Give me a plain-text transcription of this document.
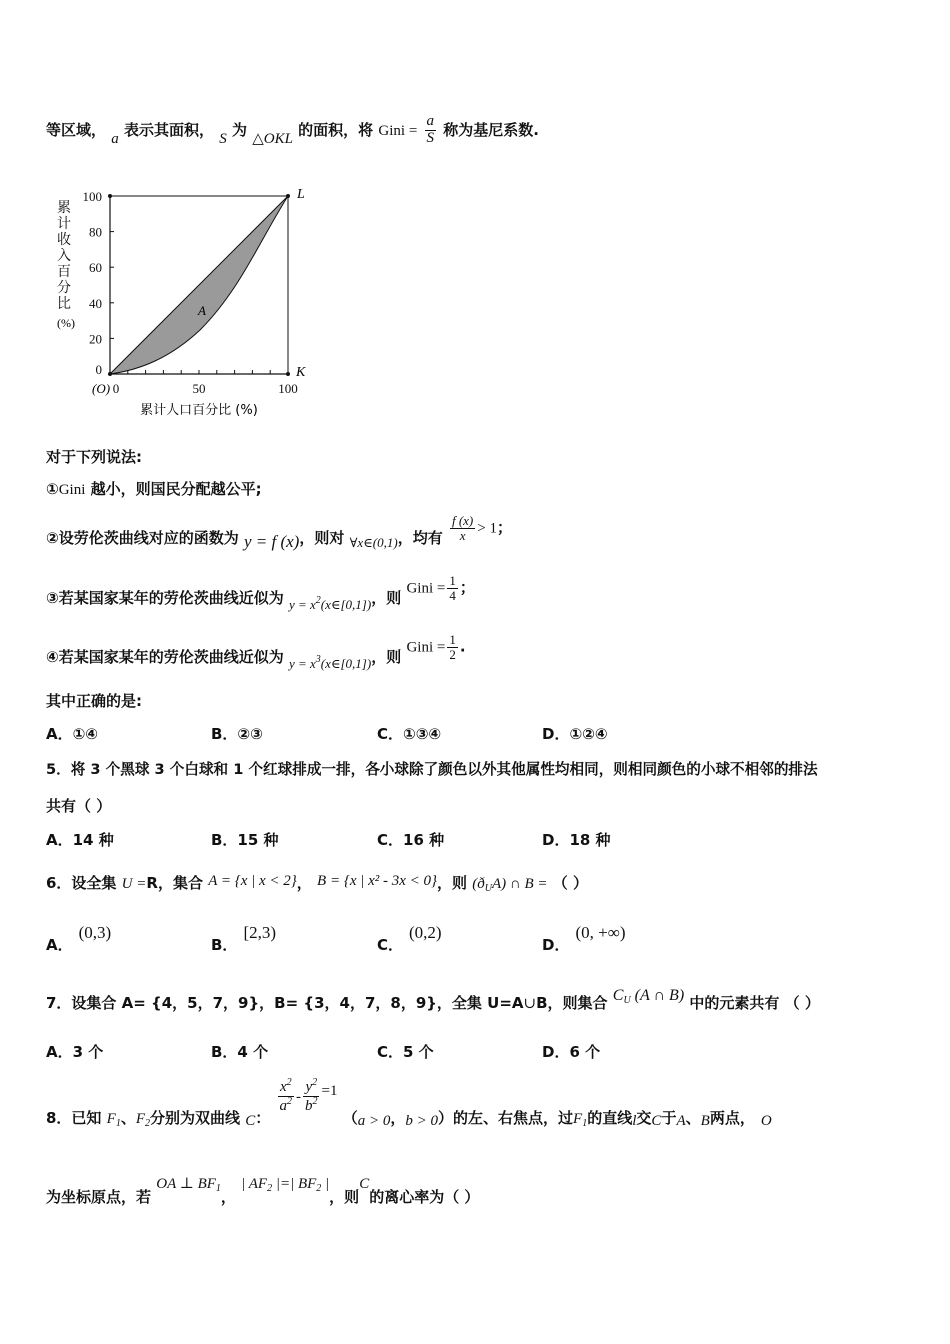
等区域， a 表示其面积， S 为 △OKL 的面积，将 Gini = $\frac{a}{S}$ 称为基尼系数.
100
80
60
40
20
0
0	50	100
(O)
L
K
A
累
计
收
入
百
分
比
(%)
累计人口百分比 (%)
对于下列说法:
①Gini 越小，则国民分配越公平;
②设劳伦茨曲线对应的函数为 y = f (x)，则对 ∀x∈(0,1)，均有 $\frac{f (x)}{x} > 1$；
③若某国家某年的劳伦茨曲线近似为 $y = x^2(x\in[0,1])$，则 Gini = $\frac{1}{4}$ ；
④若某国家某年的劳伦茨曲线近似为 $y = x^3(x\in[0,1])$，则 Gini = $\frac{1}{2}$ .
其中正确的是:
A．①④	B．②③	C．①③④	D．①②④
5．将 3 个黑球 3 个白球和 1 个红球排成一排，各小球除了颜色以外其他属性均相同，则相同颜色的小球不相邻的排法
共有（ ）
A．14 种	B．15 种	C．16 种	D．18 种
6．设全集 U =R，集合 A = {x | x < 2}， B = {x | x² - 3x < 0}，则 $(ð_UA)$ ∩ B = （ ）
A．(0,3)
B．[2,3)
C．(0,2)
D．(0, +∞)
7．设集合 A= {4，5，7，9}，B= {3，4，7，8，9}，全集 U=A∪B，则集合 $C_U$ (A ∩ B) 中的元素共有 （ ）
A．3 个	B．4 个	C．5 个	D．6 个
8．已知 $F_1$、$F_2$分别为双曲线 C：
$\frac{x^2}{a^2} - \frac{y^2}{b^2} =1$ （a > 0，b > 0）的左、右焦点，过$F_1$的直线l交C于A、B两点， O
为坐标原点，若 OA ⊥ $BF_1$， | $AF_2$ |=| $BF_2$ |，则C的离心率为（ ）
